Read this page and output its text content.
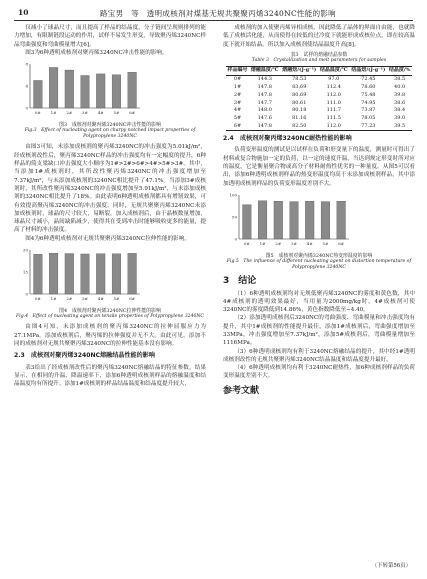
10	路宝男　等　透明成核剂对煤基无规共聚聚丙烯3240NC性能的影响

仅减小了球晶尺寸，而且提高了样品的结晶度，分子链间呈现则排列的能力增加，有限制链段运动的作用，试样不易发生形变，导致聚丙烯3240NC样品弯曲强度和弯曲模量增大[6]。

图3为6种透明成核剂对聚丙烯3240NC冲击性能的影响。

0
4
8
0# 1# 2# 3# 4# 5# 6#
图3　成核剂对聚丙烯3240NC冲击性能的影响
Fig.3　Effect of nucleating agent on charpy notched impact properties of Polypropylene 3240NC

由图3可知，未添加成核剂的聚丙烯3240NC的冲击强度为5.01kJ/m²，经成核剂改性后，聚丙烯3240NC样品的冲击强度均有一定幅度的提升，6种样品的简支梁缺口冲击强度大小顺序为1#>2#>6#>4#>5#>3#。其中，当添加1#成核剂时，其所改性聚丙烯3240NC的冲击强度增加至7.37kJ/m²，与未添加成核剂的3240NC相比提升了47.1%。当添加3#成核剂时，其所改性聚丙烯3240NC的冲击强度增加至5.91kJ/m²，与未添加成核剂的3240NC相比提升了18%。由此表明6种透明成核剂都具有增韧效果，可有效提高聚丙烯3240NC的冲击强度。同时，无规共聚聚丙烯3240NC未添加成核剂时，球晶的尺寸较大，易断裂，加入成核剂后，由于晶核数量增加，球晶尺寸减小，晶间缺陷减少，使得其在受到冲击时能够吸收更多的能量，提高了材料的冲击强度。

图4为6种透明成核剂对无规共聚聚丙烯3240NC拉伸性能的影响。

0
15
30
0# 1# 2# 3# 4# 5# 6#
图4　成核剂对聚丙烯3240NC拉伸性能的影响
Fig.4　Effect of nucleating agent on tensile properties of Polypropylene 3240NC

由图4可知，未添加成核剂的聚丙烯3240NC的拉伸屈服应力为27.1MPa。添加成核剂后，聚丙烯的拉伸强度并无不大。由此可见，添加不同的成核剂对无规共聚聚丙烯3240NC的拉伸性能基本没有影响。

2.3　成核剂对聚丙烯3240NC熔融结晶性能的影响

表3给出了经成核剂改性后的聚丙烯3240NC熔融结晶的特征参数。结果显示，在相同的升温、降温速率下，添加6种透明成核剂样品的熔融温度和结晶温度均有所提升。添加1#成核剂的样品结晶温度和结晶度提升较大，

成核剂的加入使聚丙烯异相成核，因此降低了晶体的界面自由能，也就降低了成核活化能，从而使得在较低的过冷度下就能形成成核位点，即在较高温度下就开始结晶，所以加入成核剂使结晶温度升高[8]。

表3　试样的熔融结晶参数
Table 3　Crystallization and melt parameters for samples
样品编号	熔融温度/℃	熔融焓/(J·g⁻¹)	结晶温度/℃	结晶焓/(J·g⁻¹)	结晶度/%
0#	144.3	78.53	97.0	72.45	38.5
1#	147.8	83.69	112.4	78.60	40.0
2#	147.8	80.69	112.0	75.48	39.8
3#	147.7	80.61	111.0	74.95	38.6
4#	148.0	80.18	111.7	73.87	38.4
5#	147.6	81.16	111.5	78.05	39.0
6#	147.8	82.50	112.0	77.23	39.5
2.4　成核剂对聚丙烯3240NC耐热性能的影响

负荷变形温度的测试是以试样在负荷和形变量下的温度，测量时可得出了材料或复合物施加一定的负荷，以一定的速度升温，当达到规定形变时所对应的温度，它是衡量聚合物或高分子材料耐热性优劣的一种量度。从图5可以看出，添加6种透明成核剂样品的热变形温度均高于未添加成核剂样品，其中添加透明成核剂样品的负荷变形温度差别不大。

0
50
100
0# 1# 2# 3# 4# 5# 6#
图5　成核剂对聚丙烯3240NC热变形温度的影响
Fig.5　The influence of different nucleating agent on distortion temperature of Polypropylene 3240NC
3　结论

（1）6种透明成核剂均对无规低聚丙烯3240NC的雾度和黄色数，其中4#成核剂的透明效果最好，当用量为2000mg/kg时，4#成核剂可使3240NC的雾度降低到14.86%，黄色指数降低至−4.40。

（2）添加透明成核剂后3240NC的弯曲强度、弯曲模量和冲击强度均有提升，其中1#成核剂的性能提升最佳，添加1#成核剂后，弯曲强度增加至33MPa，冲击强度增加至7.37kJ/m²，添加5#成核剂后，弯曲模量增加至1116MPa。

（3）6种透明成核剂均有利于3240NC熔融结晶的提升，其中经1#透明成核剂改性的无规共聚聚丙烯3240NC结晶温度和结晶度提升最好。

（4）6种透明成核剂均有利于3240NC耐热性，加6种成核剂样品的负荷变形温度差别不大。

参考文献
（下转第56页）
